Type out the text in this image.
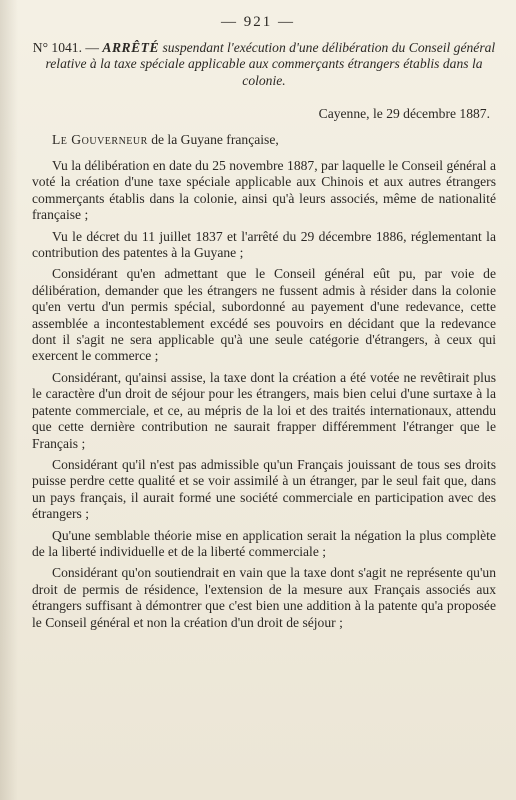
— 921 —
N° 1041. — ARRÊTÉ suspendant l'exécution d'une délibération du Conseil général relative à la taxe spéciale applicable aux commerçants étrangers établis dans la colonie.
Cayenne, le 29 décembre 1887.
Le Gouverneur de la Guyane française,

Vu la délibération en date du 25 novembre 1887, par laquelle le Conseil général a voté la création d'une taxe spéciale applicable aux Chinois et aux autres étrangers commerçants établis dans la colonie, ainsi qu'à leurs associés, même de nationalité française ;

Vu le décret du 11 juillet 1837 et l'arrêté du 29 décembre 1886, réglementant la contribution des patentes à la Guyane ;

Considérant qu'en admettant que le Conseil général eût pu, par voie de délibération, demander que les étrangers ne fussent admis à résider dans la colonie qu'en vertu d'un permis spécial, subordonné au payement d'une redevance, cette assemblée a incontestablement excédé ses pouvoirs en décidant que la redevance dont il s'agit ne sera applicable qu'à une seule catégorie d'étrangers, à ceux qui exercent le commerce ;

Considérant, qu'ainsi assise, la taxe dont la création a été votée ne revêtirait plus le caractère d'un droit de séjour pour les étrangers, mais bien celui d'une surtaxe à la patente commerciale, et ce, au mépris de la loi et des traités internationaux, attendu que cette dernière contribution ne saurait frapper différemment l'étranger que le Français ;

Considérant qu'il n'est pas admissible qu'un Français jouissant de tous ses droits puisse perdre cette qualité et se voir assimilé à un étranger, par le seul fait que, dans un pays français, il aurait formé une société commerciale en participation avec des étrangers ;

Qu'une semblable théorie mise en application serait la négation la plus complète de la liberté individuelle et de la liberté commerciale ;

Considérant qu'on soutiendrait en vain que la taxe dont s'agit ne représente qu'un droit de permis de résidence, l'extension de la mesure aux Français associés aux étrangers suffisant à démontrer que c'est bien une addition à la patente qu'a proposée le Conseil général et non la création d'un droit de séjour ;
